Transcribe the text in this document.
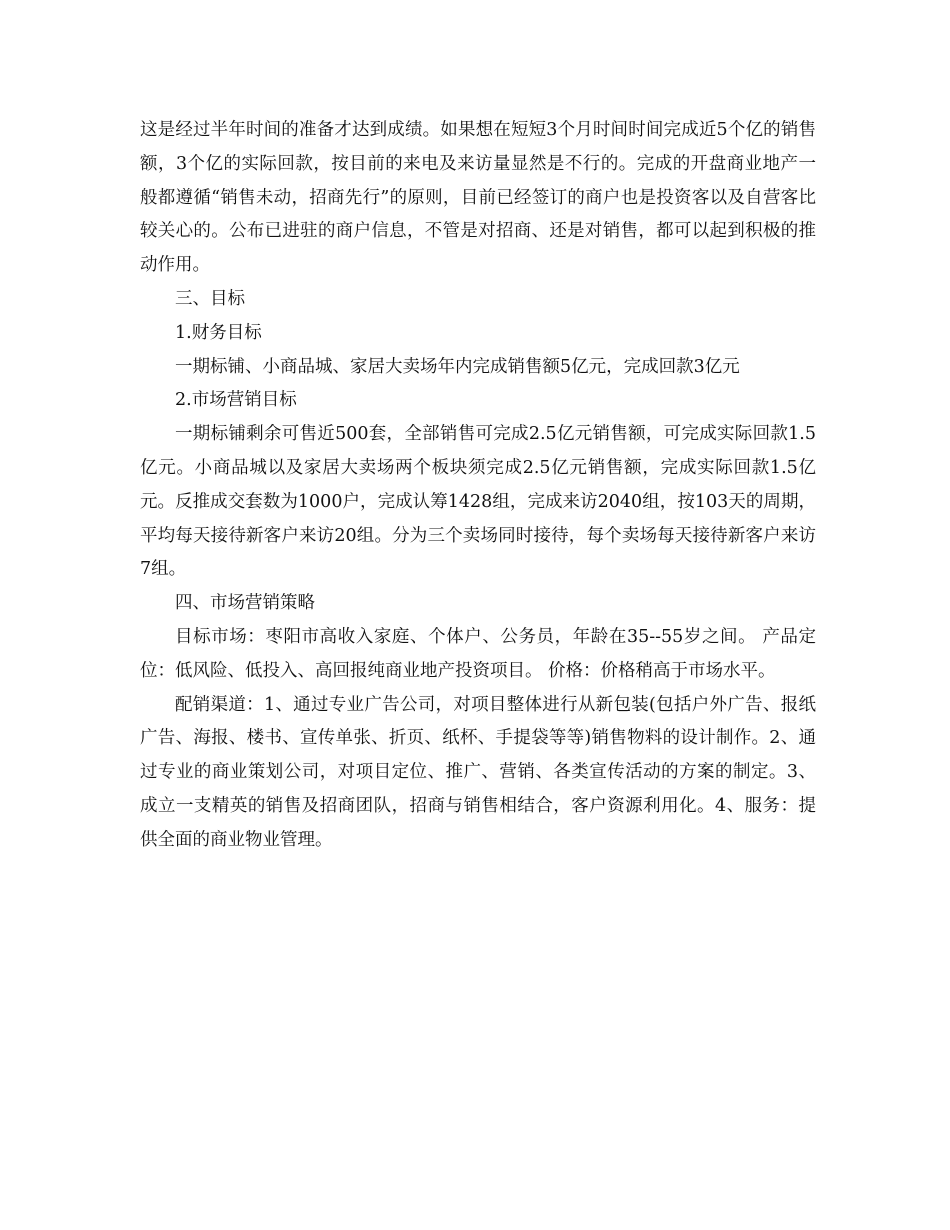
这是经过半年时间的准备才达到成绩。如果想在短短3个月时间时间完成近5个亿的销售额，3个亿的实际回款，按目前的来电及来访量显然是不行的。完成的开盘商业地产一般都遵循“销售未动，招商先行”的原则，目前已经签订的商户也是投资客以及自营客比较关心的。公布已进驻的商户信息，不管是对招商、还是对销售，都可以起到积极的推动作用。

三、目标

1.财务目标

一期标铺、小商品城、家居大卖场年内完成销售额5亿元，完成回款3亿元

2.市场营销目标

一期标铺剩余可售近500套，全部销售可完成2.5亿元销售额，可完成实际回款1.5亿元。小商品城以及家居大卖场两个板块须完成2.5亿元销售额，完成实际回款1.5亿元。反推成交套数为1000户，完成认筹1428组，完成来访2040组，按103天的周期，平均每天接待新客户来访20组。分为三个卖场同时接待，每个卖场每天接待新客户来访7组。

四、市场营销策略

目标市场：枣阳市高收入家庭、个体户、公务员，年龄在35--55岁之间。 产品定位：低风险、低投入、高回报纯商业地产投资项目。 价格：价格稍高于市场水平。

配销渠道：1、通过专业广告公司，对项目整体进行从新包装(包括户外广告、报纸广告、海报、楼书、宣传单张、折页、纸杯、手提袋等等)销售物料的设计制作。2、通过专业的商业策划公司，对项目定位、推广、营销、各类宣传活动的方案的制定。3、成立一支精英的销售及招商团队，招商与销售相结合，客户资源利用化。4、服务：提供全面的商业物业管理。
